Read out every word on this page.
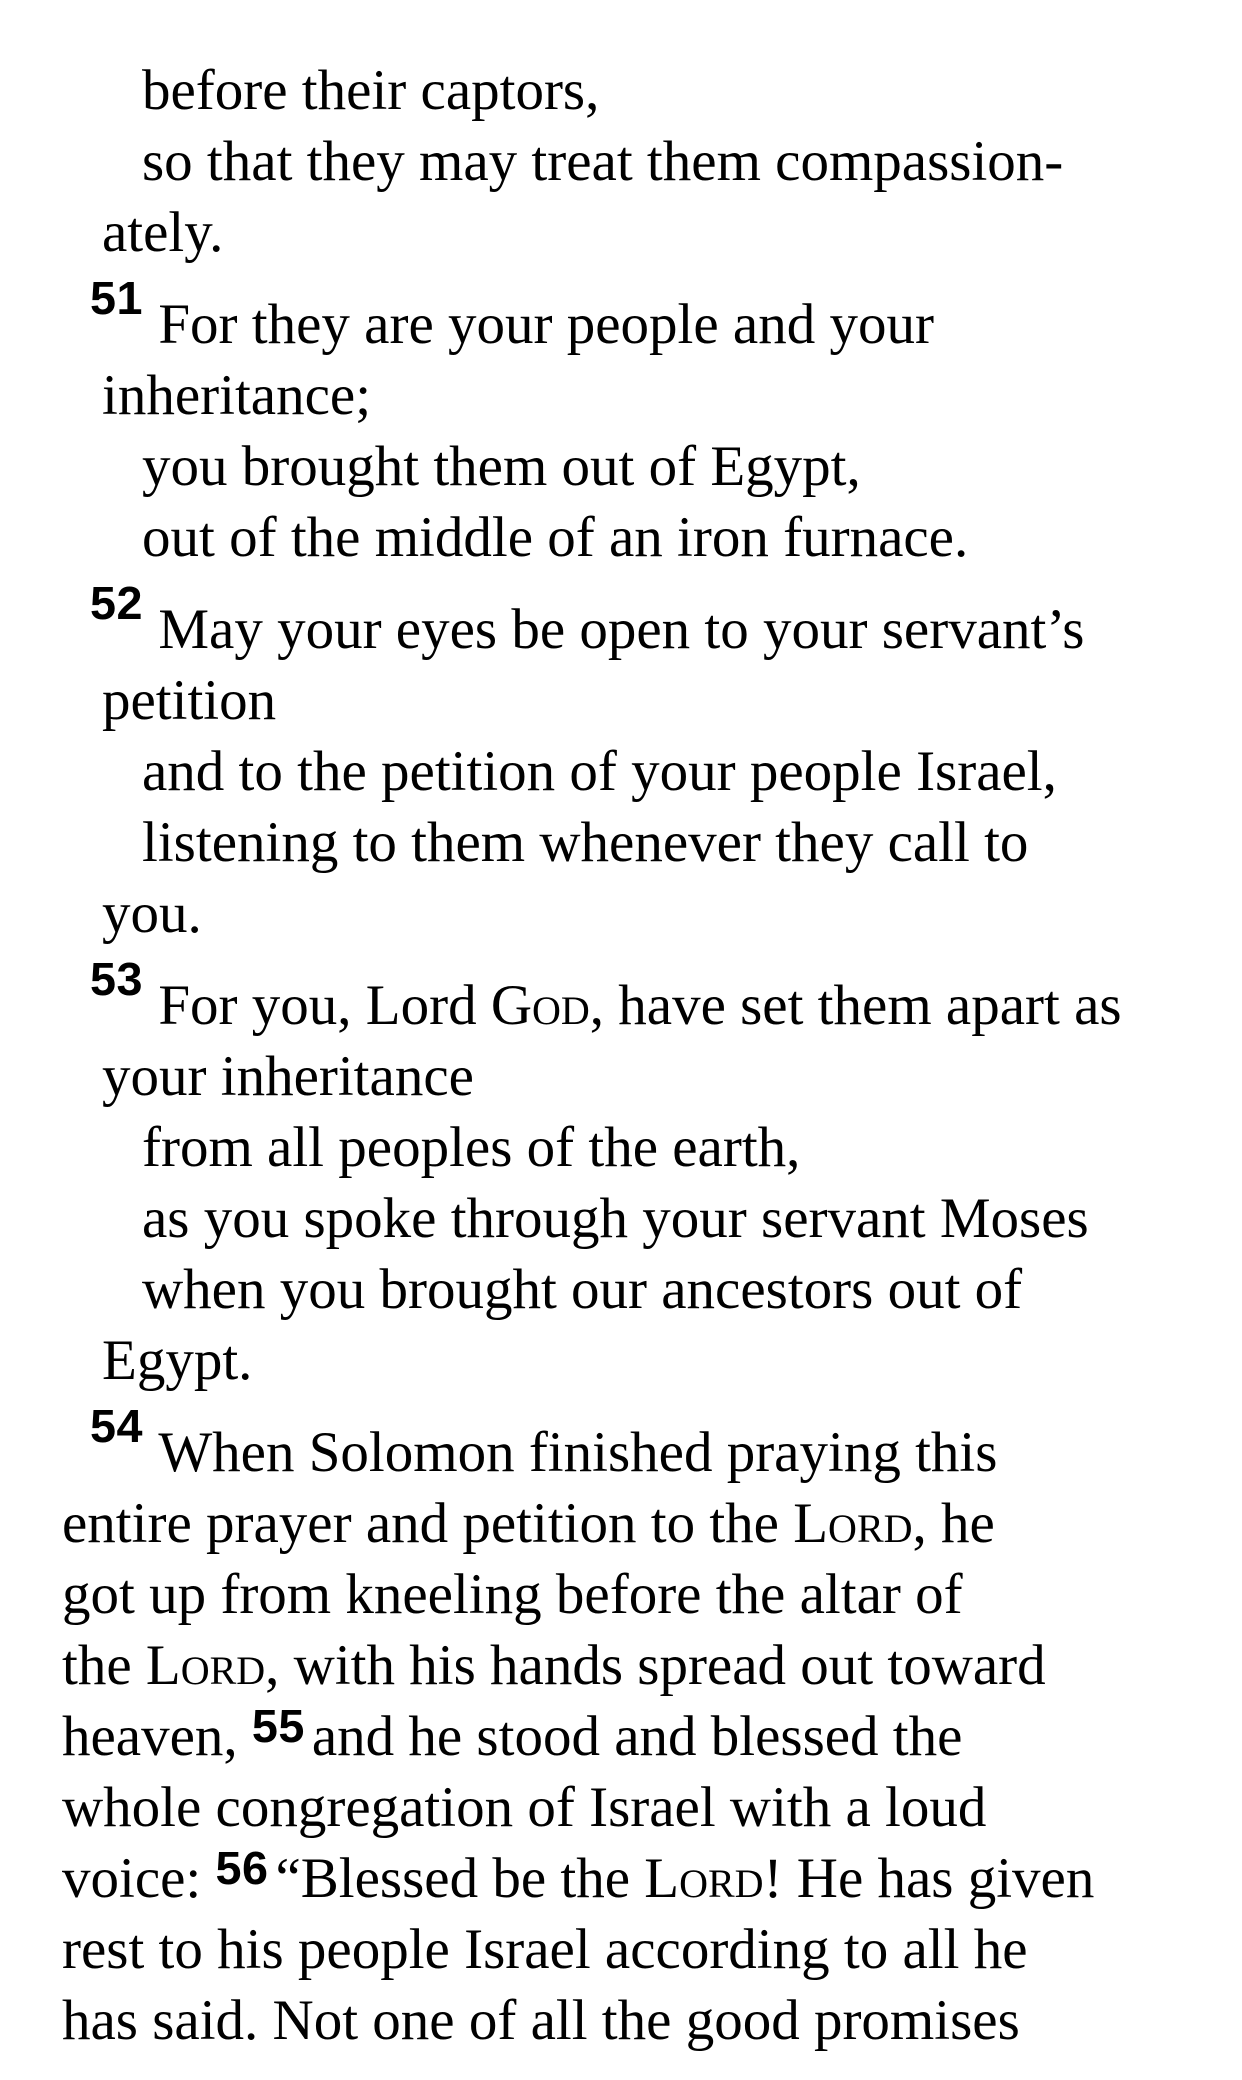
before their captors,
so that they may treat them compassion-
ately.
$^{51}$ For they are your people and your
inheritance;
you brought them out of Egypt,
out of the middle of an iron furnace.
$^{52}$ May your eyes be open to your servant’s
petition
and to the petition of your people Israel,
listening to them whenever they call to
you.
$^{53}$ For you, Lord God, have set them apart as
your inheritance
from all peoples of the earth,
as you spoke through your servant Moses
when you brought our ancestors out of
Egypt.
$^{54}$ When Solomon finished praying this
entire prayer and petition to the Lord, he
got up from kneeling before the altar of
the Lord, with his hands spread out toward
heaven, $^{55}$ and he stood and blessed the
whole congregation of Israel with a loud
voice: $^{56}$ “Blessed be the Lord! He has given
rest to his people Israel according to all he
has said. Not one of all the good promises
